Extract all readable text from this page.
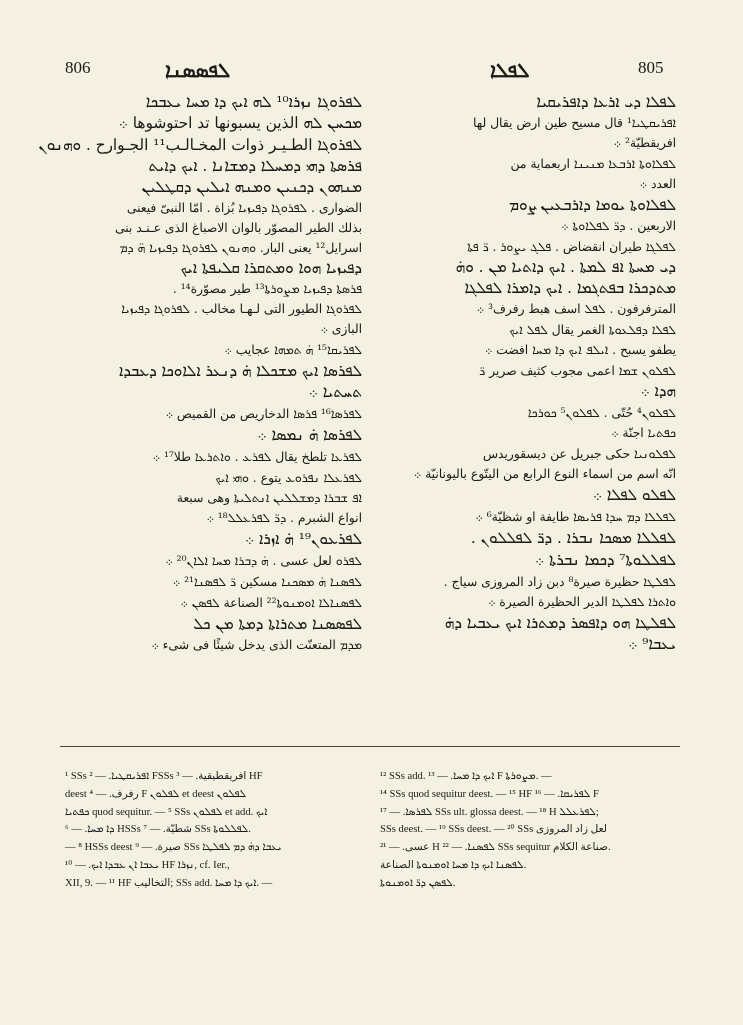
806	ܠܦܣܣܢܐ	ܠܦܠܐ	805
ܠܦܪܘܓܐ ܢܙܪܐ¹⁰ ܠܗ ܐܝܟ ܕܐ ܡܚܐ ܝܥܒܟܐ
ܡܟܚܢ ܠܗ الذين يسبونها تد احتوشوها ܀
ܠܦܪܘܓܐ الطـيـر ذوات المخـالـب¹¹ الجـوارح . ܘܗܢܘܢ
ܦܪܣܬܐ ܕܗܝ ܕܡܚܠܐ ܕܡܫܐܢܐ . ܐܝܟ ܕܐܝܬ
ܡܢܗܘܢ ܕܟܢܝܢ ܘܡܢܗ ܐܝܠܝܢ ܕܩܛܠܝܢ
الضوارى . ܠܦܪܘܓܐ ܕܦܝܙܝܐ بُزاة . امّا النبىّ فيعنى
بذلك الطير المصوّر بالوان الاصباغ الذى عـنـد بنى
اسرايل¹² يعنى البار. ܘܗܢܘܢ ܠܦܪܘܓܐ ܕܦܝܙܝܐ ܗ̈ ܕܡ
ܕܦܝܙܝܐ ܗܘܐ ܘܡܬܩܪܐ ܩܠܝܦܬܐ ܐܝܟ
ܦܪܣܬܐ ܕܦܝܙܝܐ ܡܨܘܪܬܐ¹³ طير مصوّرة¹⁴ .
ܠܦܪܘܓܐ الطيور التى لـهـا مخالب . ܠܦܪܘܓܐ ܕܦܝܙܝܐ
البازى ܀
ܠܦܪܝܩܐ¹⁵ ܗ̇ ܬܡܗܐ عجايب ܀
ܠܦܪܣܐ ܐܝܟ ܡܫܟܠܐ ܗ̇ ܕܢܥܪ ܐܠܐܘܟܐ ܕܥܒܕܐ
ܬܚܬܝܐ ܀
ܠܦܪܣܐ¹⁶ ܦܪܣܐ الدخاريص من القميص ܀
ܠܦܪܣܐ ܗ̇ ܢܡܣܐ ܀
ܠܦܪܥܐ تلطخ يقال ܠܦܪܥ . ܘܐܬܪܥܐ طلا¹⁷ ܀
ܠܦܪܥܠܐ ܢܦܪܘܥ يتوع . ܘܗܝ ܐܝܟ
ܐܦ ܫܒܪܐ ܕܡܫܠܠܝܢ ܐܢܬܠܝܬܐ وهى سبعة
انواع الشبرم . ܕܪ̈ ܠܦܪܥܠܠ¹⁸ ܀
ܠܦܪܥܘܢ¹⁹ ܗ̇ ܐܙܪܐ ܀
ܠܦܪܘ لعل عسى . ܗ̇ ܕܒܪܐ ܡܚܐ ܐܠܐܢ²⁰ ܀
ܠܦܣܢܐ ܗ̇ ܡܣܟܢܐ مسكين ܪ̈ ܠܦܣܢܐ²¹ ܀
ܠܦܣܢܐܠܐ ܐܘܡܢܘܬܐ²² الصناعة ܠܦܣܢ ܀
ܠܦܣܣܢܐ ܡܬܪܐܬܐ ܕܡܬܐ ܡܢ ܟܠ
ܡܕܡ المتعنّت الذى يدخل شيئًا فى شىء ܀
ܠܦܠܐ ܕܝ ܐܪܥܐ ܕܐܦܪܝܩܝܐ
ܐܦܪܝܩܛܝܐ¹ قال مسيح طين ارض يقال لها
افريقطيّة² ܀
ܠܦܠܐܘܬܐ ܐܪܒܥܐ ܡܢܝܢܐ اربعماية من
العدد ܀
ܠܦܠܐܘܬܐ ܝܘܡܐ ܕܐܪܒܥܝܢ ܨܘܡ
الاربعين . ܕܪ̈ ܠܦܠܐܘܬܐ ܀
ܠܦܠܓܐ طيران انقضاض . ܦܠܓ ܝܨܘܪ . ܪ̈ ܦܬܐ
ܕܝ ܡܚܬܐ ܐܦ ܠܡܬܐ . ܐܝܟ ܕܐܬܝܐ ܡܢ . ܘܗ̇
ܡܬܕܟܪܐ ܒܦܬܓܡܐ . ܐܝܟ ܕܐܡܪܐ ܠܦܠܓܐ
المترفرفون . ܠܦܠ اسف هبط رفرف³ ܀
ܠܦܠܐ ܕܦܠܥܘܬܐ الغمر يقال ܠܦܠ ܐܝܟ
يطفو يسبح . ܐܝܠܦ ܐܝܟ ܕܐ ܡܚܐ افضت ܀
ܠܦܠܘܢ ܫܡܐ اعمى مجوب كثيف صرير ܪ̈
ܗܕܐ ܀
ܠܦܠܘܢ⁴ حُتّى . ܠܦܠܘܢ⁵ ܟܘܪܟܐ
ܟܦܬܝܐ اجنّة ܀
ܠܦܠܘܢܝܐ حكى جبريل عن ديسقوريدس
انّه اسم من اسماء النوع الرابع من اليتّوع باليونانيّة ܀
ܠܦܠܘ ܠܦܠܐ ܀
ܠܦܠܠܐ ܕܡ ܚܕܐ ܦܪܝܣܐ طايفة او شظيّة⁶ ܀
ܠܦܠܠܐ ܡܣܟܐ ܢܒܪܐ . ܕܪ̈ ܠܦܠܠܘܢ .
ܠܦܠܠܘܬܐ⁷ ܕܟܡܐ ܢܒܪܬܐ ܀
ܠܦܠܛܐ حظيرة صيرة⁸ دبن زاد المروزى سياج .
ܘܐܬܪܐ ܠܦܠܛܐ الدير الحظيرة الصيرة ܀
ܠܦܠܛܐ ܗܘ ܕܐܦܣܪ ܕܡܬܪܐ ܐܝܟ ܝܥܒܝܐ ܕܗ̇
ܝܥܒܐ⁹ ܀
¹ SSs ܐܦܪܝܩܛܝܐ. — ² FSSs افريقطيقية. — ³ HF
deest رفرف. — ⁴ F ܠܦܠܘܢ et deest ܠܦܠܘܢ
ܟܦܬܝܐ quod sequitur. — ⁵ SSs ܠܦܠܘܢ et add. ܐܝܟ
ܕܐ ܡܚܐ. — ⁶ HSSs شطيّة. — ⁷ SSs ܠܦܠܠܘܬܐ.
— ⁸ HSSs deest صيرة. — ⁹ SSs ܝܥܒܐ ܕܗ̇ ܕܡ ܠܦܠܛܐ
ܝܥܒܐ ܐܢ ܥܒܕܐ ܐܝܟ. — ¹⁰ HF ܢܙܪܐ, cf. Ier.,
XII, 9. — ¹¹ HF التخاليب; SSs add. ܐܝܟ ܕܐ ܡܚܐ. —
¹² SSs add. ܐܝܟ ܕܐ ܡܚܐ. — ¹³ F ܡܨܘܪܬܐ. —
¹⁴ SSs quod sequitur deest. — ¹⁵ HF ܠܦܪܝܩܐ. — ¹⁶ F
ܠܦܪܣܐ. — ¹⁷ SSs ult. glossa deest. — ¹⁸ H ܠܦܪܥܠܠ;
SSs deest. — ¹⁹ SSs deest. — ²⁰ SSs لعل زاد المروزى
عسى. — ²¹ H ܠܦܣܢܐ. — ²² SSs sequitur صناعة الكلام.
ܠܦܣܢܐ ܐܝܟ ܕܐ ܡܚܐ ܐܘܡܢܘܬܐ الصناعة.
ܠܦܣܢ ܕܪ̈ ܐܘܡܢܘܬܐ.
